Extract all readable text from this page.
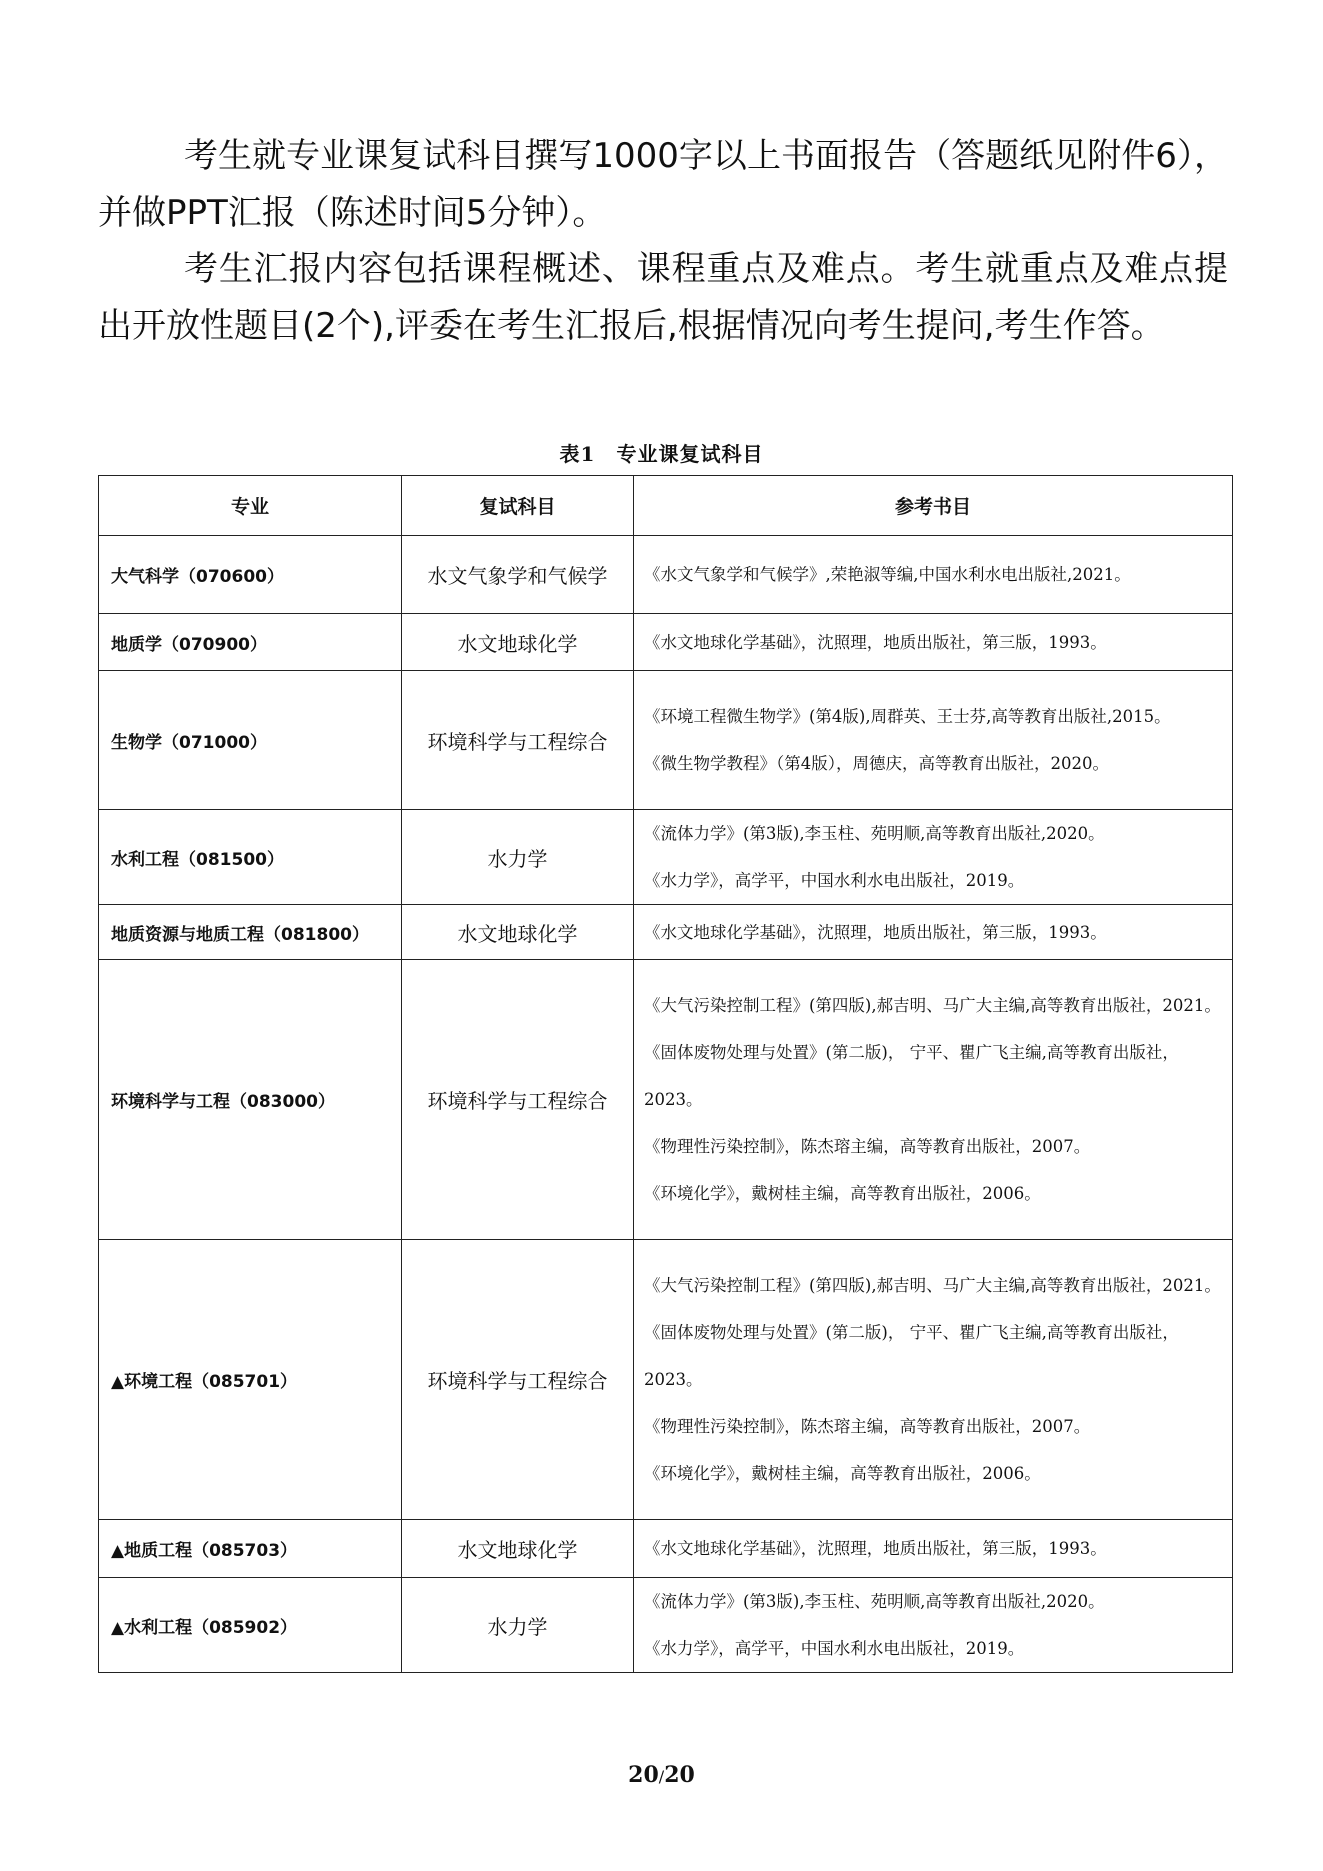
考生就专业课复试科目撰写1000字以上书面报告（答题纸见附件6），并做PPT汇报（陈述时间5分钟）。

考生汇报内容包括课程概述、课程重点及难点。考生就重点及难点提出开放性题目(2个),评委在考生汇报后,根据情况向考生提问,考生作答。

表1　专业课复试科目
专业	复试科目	参考书目
大气科学（070600）	水文气象学和气候学	《水文气象学和气候学》,荣艳淑等编,中国水利水电出版社,2021。

地质学（070900）	水文地球化学	《水文地球化学基础》，沈照理，地质出版社，第三版，1993。

生物学（071000）	环境科学与工程综合	《环境工程微生物学》(第4版),周群英、王士芬,高等教育出版社,2015。
《微生物学教程》（第4版），周德庆，高等教育出版社，2020。

水利工程（081500）	水力学	《流体力学》(第3版),李玉柱、苑明顺,高等教育出版社,2020。
《水力学》，高学平，中国水利水电出版社，2019。

地质资源与地质工程（081800）	水文地球化学	《水文地球化学基础》，沈照理，地质出版社，第三版，1993。

环境科学与工程（083000）	环境科学与工程综合	《大气污染控制工程》(第四版),郝吉明、马广大主编,高等教育出版社，2021。
《固体废物处理与处置》(第二版)， 宁平、瞿广飞主编,高等教育出版社，2023。
《物理性污染控制》，陈杰瑢主编，高等教育出版社，2007。
《环境化学》，戴树桂主编，高等教育出版社，2006。

▲环境工程（085701）	环境科学与工程综合	《大气污染控制工程》(第四版),郝吉明、马广大主编,高等教育出版社，2021。
《固体废物处理与处置》(第二版)， 宁平、瞿广飞主编,高等教育出版社，2023。
《物理性污染控制》，陈杰瑢主编，高等教育出版社，2007。
《环境化学》，戴树桂主编，高等教育出版社，2006。

▲地质工程（085703）	水文地球化学	《水文地球化学基础》，沈照理，地质出版社，第三版，1993。

▲水利工程（085902）	水力学	《流体力学》(第3版),李玉柱、苑明顺,高等教育出版社,2020。
《水力学》，高学平，中国水利水电出版社，2019。
20/20
